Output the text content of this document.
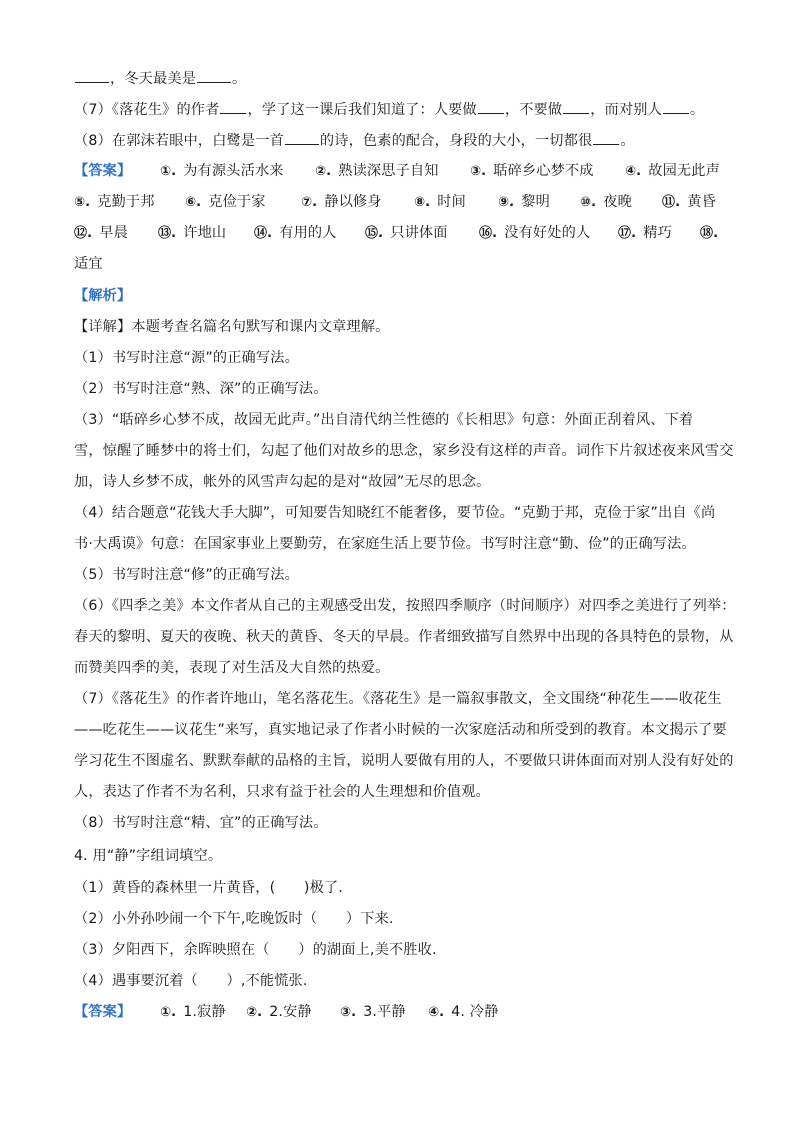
，冬天最美是	。
（7）《落花生》的作者 ，学了这一课后我们知道了：人要做 ，不要做 ，而对别人 。
（8）在郭沫若眼中，白鹭是一首	的诗，色素的配合，身段的大小，一切都很 。
【答案】 ①. 为有源头活水来 ②. 熟读深思子自知 ③. 聒碎乡心梦不成 ④. 故园无此声
⑤. 克勤于邦 ⑥. 克俭于家	⑦. 静以修身 ⑧. 时间 ⑨. 黎明 ⑩. 夜晚 ⑪. 黄昏
⑫. 早晨 ⑬. 许地山 ⑭. 有用的人 ⑮. 只讲体面 ⑯. 没有好处的人 ⑰. 精巧 ⑱.
适宜
【解析】
【详解】本题考查名篇名句默写和课内文章理解。
（1）书写时注意“源”的正确写法。
（2）书写时注意“熟、深”的正确写法。
（3）“聒碎乡心梦不成，故园无此声。”出自清代纳兰性德的《长相思》句意：外面正刮着风、下着
雪，惊醒了睡梦中的将士们，勾起了他们对故乡的思念，家乡没有这样的声音。词作下片叙述夜来风雪交
加，诗人乡梦不成，帐外的风雪声勾起的是对“故园”无尽的思念。
（4）结合题意“花钱大手大脚”，可知要告知晓红不能奢侈，要节俭。“克勤于邦，克俭于家”出自《尚
书·大禹谟》句意：在国家事业上要勤劳，在家庭生活上要节俭。书写时注意“勤、俭”的正确写法。
（5）书写时注意“修”的正确写法。
（6）《四季之美》本文作者从自己的主观感受出发，按照四季顺序（时间顺序）对四季之美进行了列举：
春天的黎明、夏天的夜晚、秋天的黄昏、冬天的早晨。作者细致描写自然界中出现的各具特色的景物，从
而赞美四季的美，表现了对生活及大自然的热爱。
（7）《落花生》的作者许地山，笔名落花生。《落花生》是一篇叙事散文，全文围绕“种花生——收花生
——吃花生——议花生”来写，真实地记录了作者小时候的一次家庭活动和所受到的教育。本文揭示了要
学习花生不图虚名、默默奉献的品格的主旨，说明人要做有用的人，不要做只讲体面而对别人没有好处的
人，表达了作者不为名利，只求有益于社会的人生理想和价值观。
（8）书写时注意“精、宜”的正确写法。
4. 用“静”字组词填空。
（1）黄昏的森林里一片黄昏，(　　)极了.
（2）小外孙吵闹一个下午,吃晚饭时（　　）下来.
（3）夕阳西下，余晖映照在（　　）的湖面上,美不胜收.
（4）遇事要沉着（　　）,不能慌张.
【答案】 ①. 1.寂静 ②. 2.安静 ③. 3.平静 ④. 4. 冷静
